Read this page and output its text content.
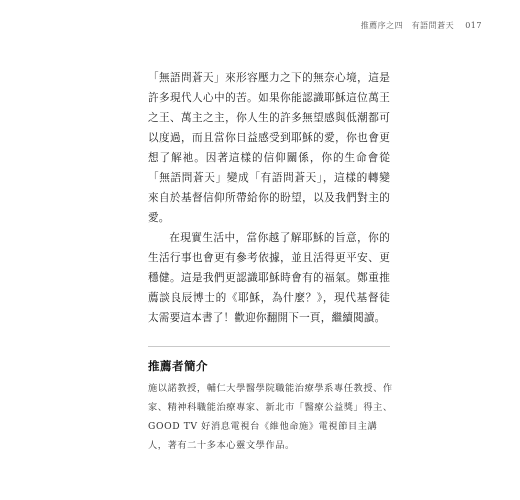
推薦序之四　有語問蒼天 017

「無語問蒼天」來形容壓力之下的無奈心境，這是許多現代人心中的苦。如果你能認識耶穌這位萬王之王、萬主之主，你人生的許多無望感與低潮都可以度過，而且當你日益感受到耶穌的愛，你也會更想了解祂。因著這樣的信仰關係，你的生命會從「無語問蒼天」變成「有語問蒼天」，這樣的轉變來自於基督信仰所帶給你的盼望，以及我們對主的愛。

在現實生活中，當你越了解耶穌的旨意，你的生活行事也會更有參考依據，並且活得更平安、更穩健。這是我們更認識耶穌時會有的福氣。鄭重推薦談良辰博士的《耶穌，為什麼？》，現代基督徒太需要這本書了！歡迎你翻開下一頁，繼續閱讀。

推薦者簡介

施以諾教授，輔仁大學醫學院職能治療學系專任教授、作家、精神科職能治療專家、新北市「醫療公益獎」得主、GOOD TV 好消息電視台《維他命施》電視節目主講人，著有二十多本心靈文學作品。
